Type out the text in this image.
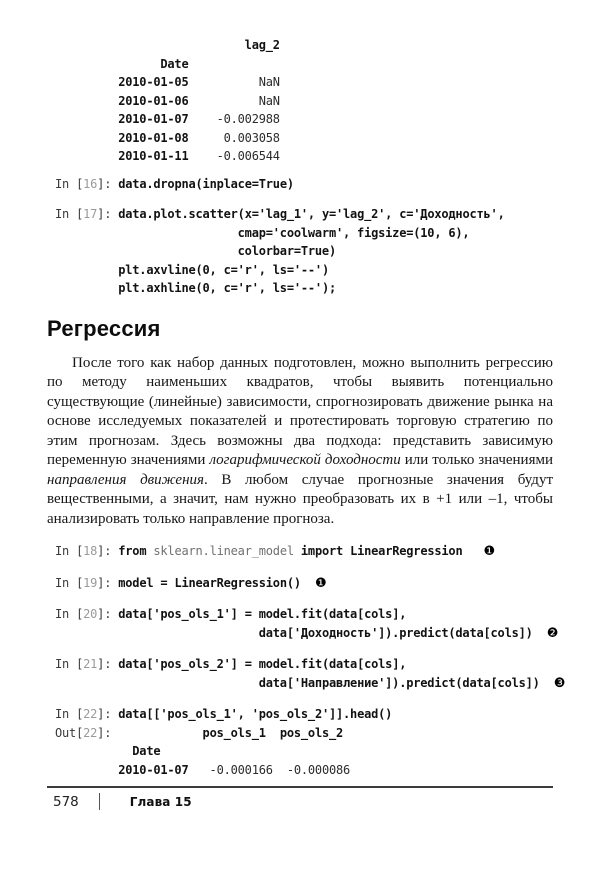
lag_2
Date
2010-01-05          NaN
2010-01-06          NaN
2010-01-07    -0.002988
2010-01-08     0.003058
2010-01-11    -0.006544
In [16]: data.dropna(inplace=True)
In [17]: data.plot.scatter(x='lag_1', y='lag_2', c='Доходность',
cmap='coolwarm', figsize=(10, 6),
colorbar=True)
plt.axvline(0, c='r', ls='--')
plt.axhline(0, c='r', ls='--');
Регрессия

После того как набор данных подготовлен, можно выполнить регрессию по методу наименьших квадратов, чтобы выявить потенциально существующие (линейные) зависимости, спрогнозировать движение рынка на основе исследуемых показателей и протестировать торговую стратегию по этим прогнозам. Здесь возможны два подхода: представить зависимую переменную значениями логарифмической доходности или только значениями направления движения. В любом случае прогнозные значения будут вещественными, а значит, нам нужно преобразовать их в +1 или –1, чтобы анализировать только направление прогноза.

In [18]: from sklearn.linear_model import LinearRegression ❶
In [19]: model = LinearRegression() ❶
In [20]: data['pos_ols_1'] = model.fit(data[cols],
data['Доходность']).predict(data[cols]) ❷
In [21]: data['pos_ols_2'] = model.fit(data[cols],
data['Направление']).predict(data[cols]) ❸
In [22]: data[['pos_ols_1', 'pos_ols_2']].head()
Out[22]:	pos_ols_1  pos_ols_2
Date
2010-01-07   -0.000166  -0.000086
578	Глава 15
